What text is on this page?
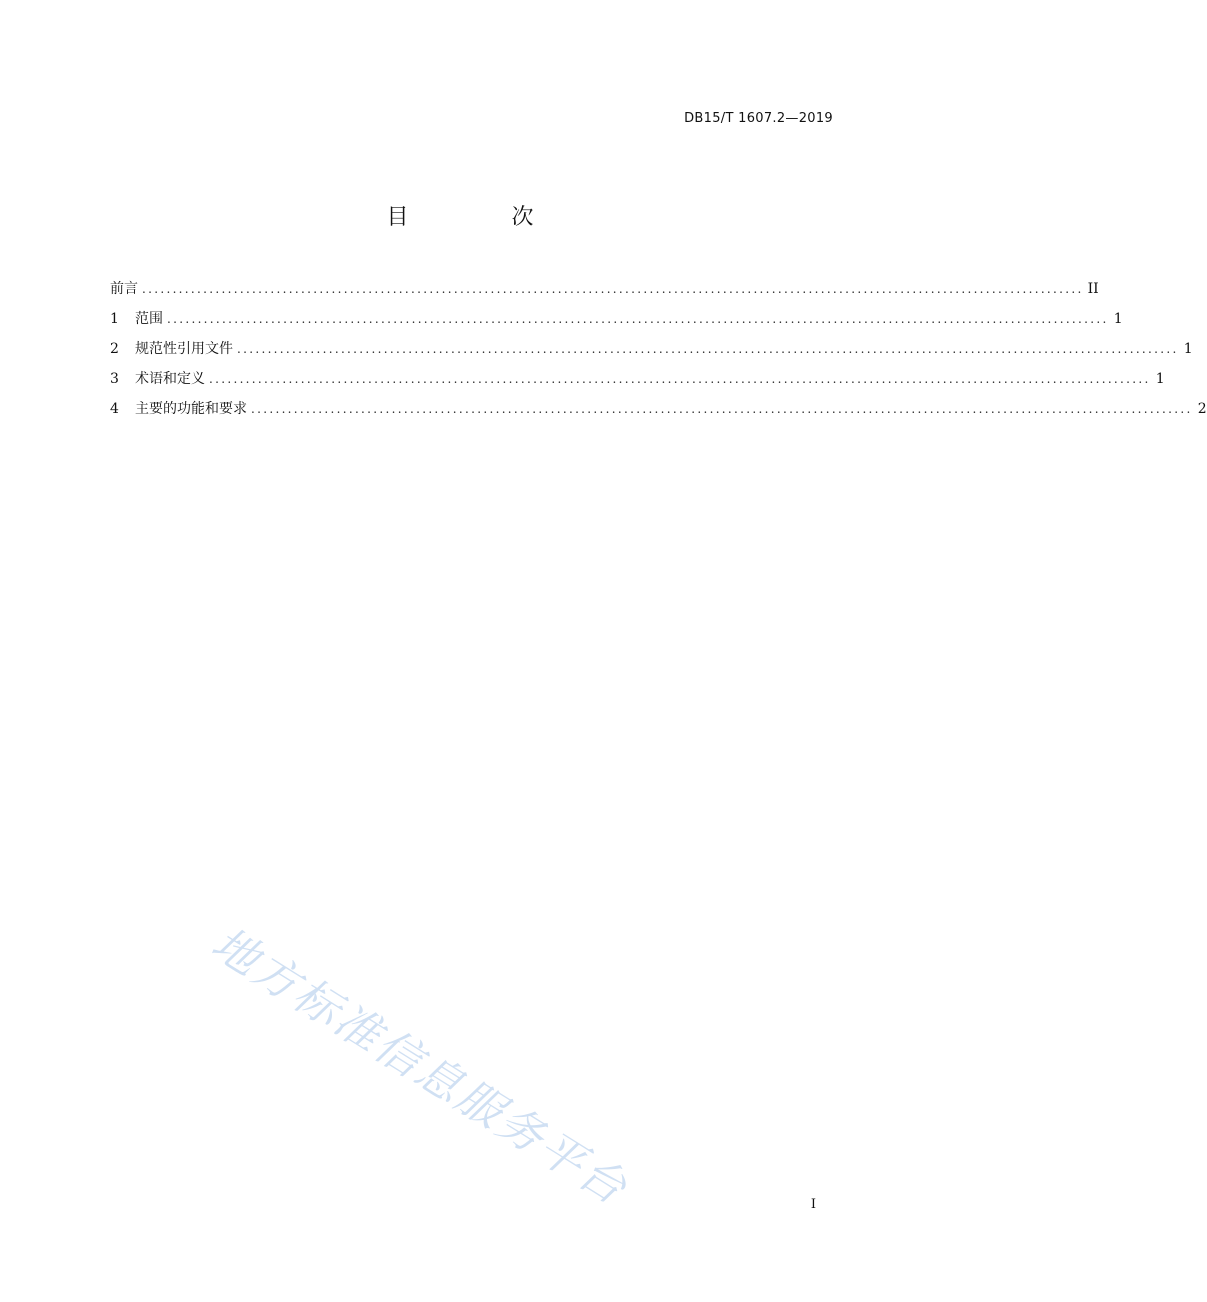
DB15/T 1607.2—2019
目 次
前言 .......................................................................................................................................................... II
1	范围 .......................................................................................................................................................... 1
2	规范性引用文件 .......................................................................................................................................................... 1
3	术语和定义 .......................................................................................................................................................... 1
4	主要的功能和要求 .......................................................................................................................................................... 2
地方标准信息服务平台	I
